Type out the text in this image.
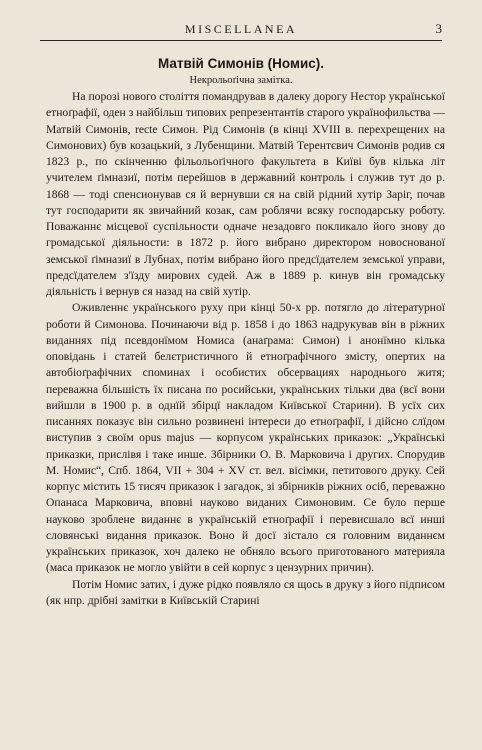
MISCELLANEA	3
Матвій Симонів (Номис).
Некрольоґічна замітка.

На порозі нового століття помандрував в далеку дорогу Нестор української етноґрафії, оден з найбільш типових репрезентантів старого українофильства — Матвій Симонів, recte Симон. Рід Симонів (в кінці XVIII в. перехрещених на Симонових) був козацький, з Лубенщини. Матвій Терентєвич Симонів родив ся 1823 р., по скінченню фільольоґічного факультета в Київі був кілька літ учителем ґімназиї, потім перейшов в державний контроль і служив тут до р. 1868 — тоді спенсионував ся й вернувши ся на свій рідний хутір Заріг, почав тут господарити як звичайний козак, сам роблячи всяку господарську роботу. Поважаннє місцевої суспільности одначе незадовго покликало його знову до громадської діяльности: в 1872 р. його вибрано директором новоснованої земської ґімназиї в Лубнах, потім вибрано його предсїдателем земської управи, предсїдателем з'їзду мирових судей. Аж в 1889 р. кинув він громадську діяльність і вернув ся назад на свій хутір.

Оживленнє українського руху при кінці 50-х рр. потягло до літературної роботи й Симонова. Починаючи від р. 1858 і до 1863 надрукував він в ріжних виданнях під псевдонїмом Номиса (анаґрама: Симон) і анонїмно кілька оповідань і статей белєтристичного й етноґрафічного змісту, опертих на автобіоґрафічних споминах і особистих обсервациях народнього житя; переважна більшість їх писана по росийськи, українських тільки два (всї вони вийшли в 1900 р. в однїй збірцї накладом Київської Старини). В усїх сих писаннях показує він сильно розвинені інтереси до етноґрафії, і дійсно слїдом виступив з своїм opus majus — корпусом українських приказок: „Українські приказки, прислівя і таке инше. Збірники О. В. Марковича і других. Спорудив М. Номис“, Спб. 1864, VII + 304 + XV ст. вел. вісімки, петитового друку. Сей корпус містить 15 тисяч приказок і загадок, зі збірників ріжних осіб, переважно Опанаса Марковича, вповні науково виданих Симоновим. Се було перше науково зроблене виданнє в українській етноґрафії і перевисшало всї инші словянські видання приказок. Воно й досї зістало ся головним виданнєм українських приказок, хоч далеко не обняло всього приготованого материяла (маса приказок не могло увійти в сей корпус з цензурних причин).

Потім Номис затих, і дуже рідко появляло ся щось в друку з його підписом (як нпр. дрібні замітки в Київській Старині
